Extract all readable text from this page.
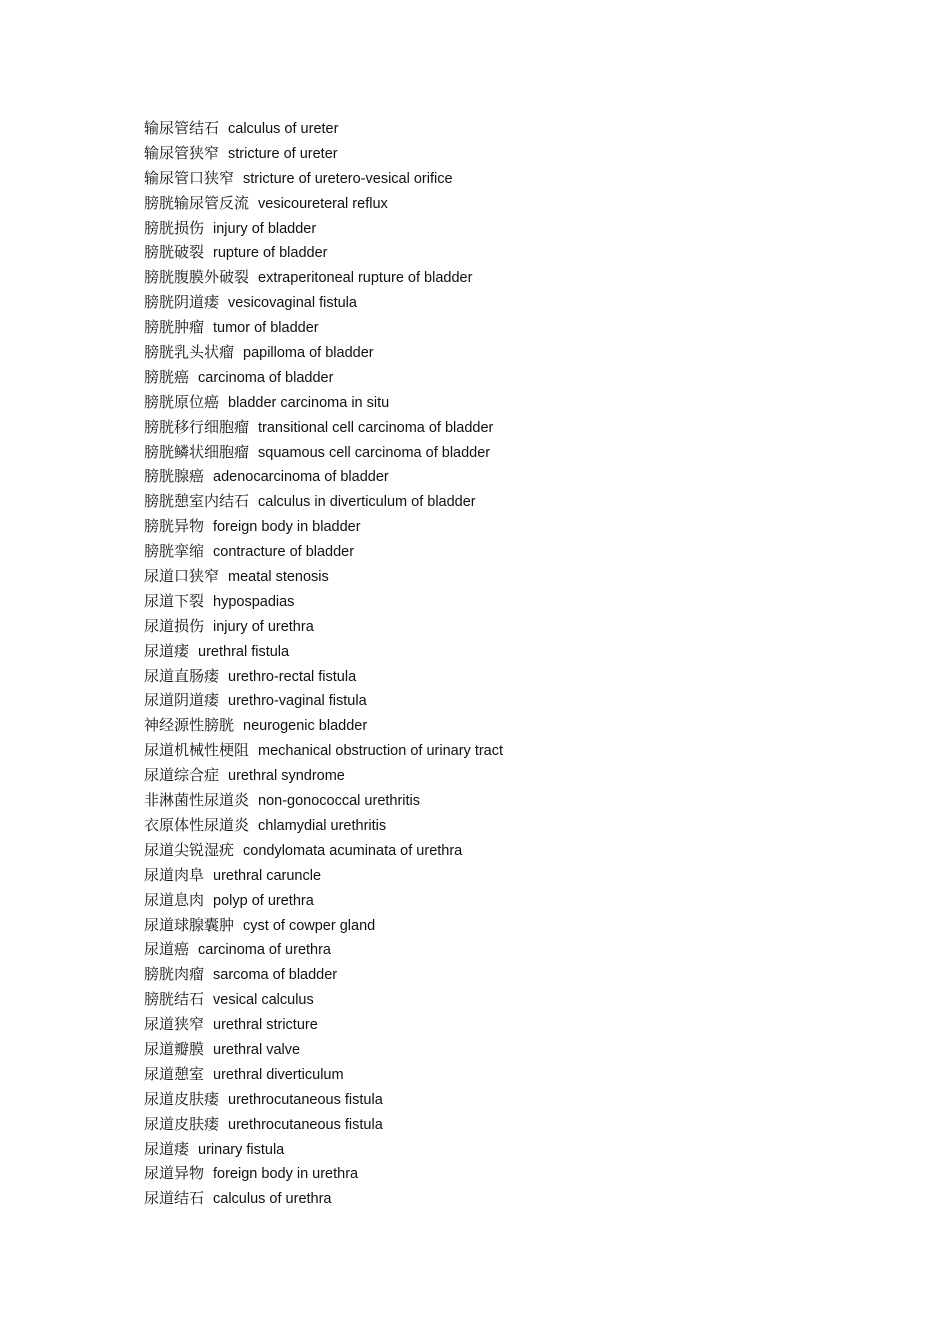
输尿管结石 calculus of ureter
输尿管狭窄 stricture of ureter
输尿管口狭窄 stricture of uretero-vesical orifice
膀胱输尿管反流 vesicoureteral reflux
膀胱损伤 injury of bladder
膀胱破裂 rupture of bladder
膀胱腹膜外破裂 extraperitoneal rupture of bladder
膀胱阴道瘘 vesicovaginal fistula
膀胱肿瘤 tumor of bladder
膀胱乳头状瘤 papilloma of bladder
膀胱癌 carcinoma of bladder
膀胱原位癌 bladder carcinoma in situ
膀胱移行细胞瘤 transitional cell carcinoma of bladder
膀胱鳞状细胞瘤 squamous cell carcinoma of bladder
膀胱腺癌 adenocarcinoma of bladder
膀胱憩室内结石 calculus in diverticulum of bladder
膀胱异物 foreign body in bladder
膀胱挛缩 contracture of bladder
尿道口狭窄 meatal stenosis
尿道下裂 hypospadias
尿道损伤 injury of urethra
尿道瘘 urethral fistula
尿道直肠瘘 urethro-rectal fistula
尿道阴道瘘 urethro-vaginal fistula
神经源性膀胱 neurogenic bladder
尿道机械性梗阻 mechanical obstruction of urinary tract
尿道综合症 urethral syndrome
非淋菌性尿道炎 non-gonococcal urethritis
衣原体性尿道炎 chlamydial urethritis
尿道尖锐湿疣 condylomata acuminata of urethra
尿道肉阜 urethral caruncle
尿道息肉 polyp of urethra
尿道球腺囊肿 cyst of cowper gland
尿道癌 carcinoma of urethra
膀胱肉瘤 sarcoma of bladder
膀胱结石 vesical calculus
尿道狭窄 urethral stricture
尿道瓣膜 urethral valve
尿道憩室 urethral diverticulum
尿道皮肤瘘 urethrocutaneous fistula
尿道皮肤瘘 urethrocutaneous fistula
尿道瘘 urinary fistula
尿道异物 foreign body in urethra
尿道结石 calculus of urethra
